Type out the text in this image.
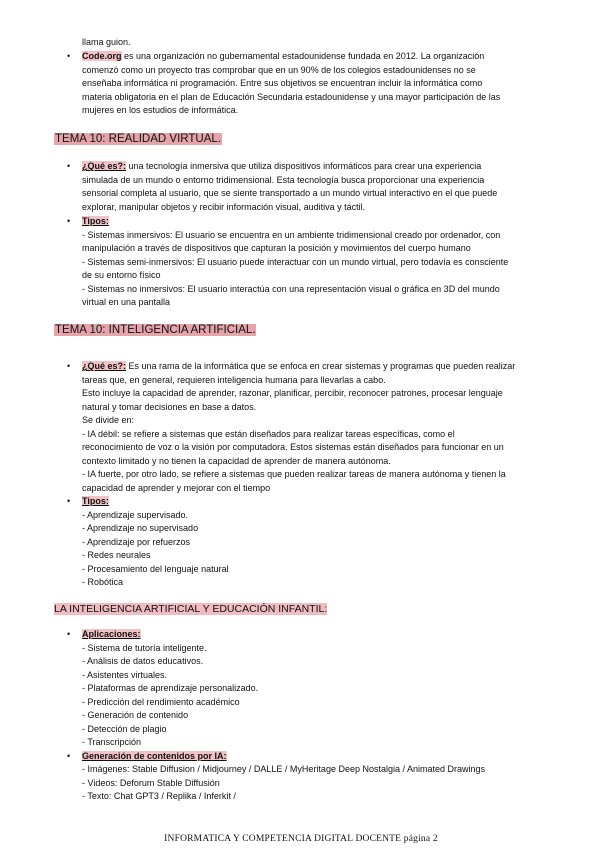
llama guion.
• Code.org es una organización no gubernamental estadounidense fundada en 2012. La organización
comenzó como un proyecto tras comprobar que en un 90% de los colegios estadounidenses no se
enseñaba informática ni programación. Entre sus objetivos se encuentran incluir la informática como
materia obligatoria en el plan de Educación Secundaria estadounidense y una mayor participación de las
mujeres en los estudios de informática.
TEMA 10: REALIDAD VIRTUAL.
• ¿Qué es?: una tecnología inmersiva que utiliza dispositivos informáticos para crear una experiencia
simulada de un mundo o entorno tridimensional. Esta tecnología busca proporcionar una experiencia
sensorial completa al usuario, que se siente transportado a un mundo virtual interactivo en el que puede
explorar, manipular objetos y recibir información visual, auditiva y táctil.
• Tipos:
- Sistemas inmersivos: El usuario se encuentra en un ambiente tridimensional creado por ordenador, con
manipulación a través de dispositivos que capturan la posición y movimientos del cuerpo humano
- Sistemas semi-inmersivos: El usuario puede interactuar con un mundo virtual, pero todavía es consciente
de su entorno físico
- Sistemas no inmersivos: El usuario interactúa con una representación visual o gráfica en 3D del mundo
virtual en una pantalla
TEMA 10: INTELIGENCIA ARTIFICIAL.
• ¿Qué es?: Es una rama de la informática que se enfoca en crear sistemas y programas que pueden realizar
tareas que, en general, requieren inteligencia humana para llevarlas a cabo.
Esto incluye la capacidad de aprender, razonar, planificar, percibir, reconocer patrones, procesar lenguaje
natural y tomar decisiones en base a datos.
Se divide en:
- IA débil: se refiere a sistemas que están diseñados para realizar tareas específicas, como el
reconocimiento de voz o la visión por computadora. Estos sistemas están diseñados para funcionar en un
contexto limitado y no tienen la capacidad de aprender de manera autónoma.
- IA fuerte, por otro lado, se refiere a sistemas que pueden realizar tareas de manera autónoma y tienen la
capacidad de aprender y mejorar con el tiempo
• Tipos:
- Aprendizaje supervisado.
- Aprendizaje no supervisado
- Aprendizaje por refuerzos
- Redes neurales
- Procesamiento del lenguaje natural
- Robótica
LA INTELIGENCIA ARTIFICIAL Y EDUCACIÓN INFANTIL:
• Aplicaciones:
- Sistema de tutoría inteligente.
- Análisis de datos educativos.
- Asistentes virtuales.
- Plataformas de aprendizaje personalizado.
- Predicción del rendimiento académico
- Generación de contenido
- Detección de plagio
- Transcripción
• Generación de contenidos por IA:
- Imágenes: Stable Diffusion / Midjourney / DALLE / MyHeritage Deep Nostalgia / Animated Drawings
- Videos: Deforum Stable Diffusión
- Texto: Chat GPT3 / Replika / Inferkit /
INFORMATICA Y COMPETENCIA DIGITAL DOCENTE página 2
